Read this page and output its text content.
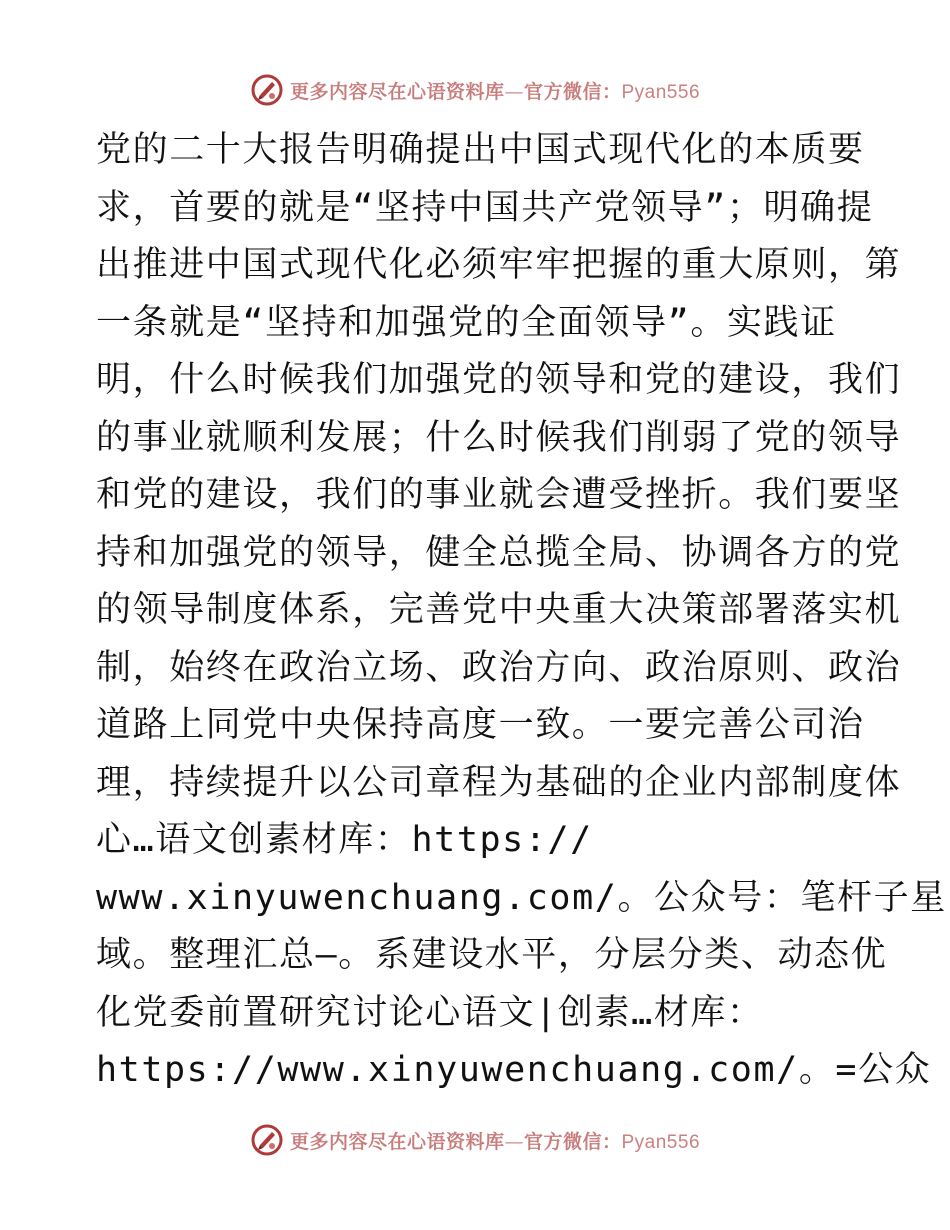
更多内容尽在心语资料库—官方微信：Pyan556
党的二十大报告明确提出中国式现代化的本质要
求，首要的就是“坚持中国共产党领导”；明确提
出推进中国式现代化必须牢牢把握的重大原则，第
一条就是“坚持和加强党的全面领导”。实践证
明，什么时候我们加强党的领导和党的建设，我们
的事业就顺利发展；什么时候我们削弱了党的领导
和党的建设，我们的事业就会遭受挫折。我们要坚
持和加强党的领导，健全总揽全局、协调各方的党
的领导制度体系，完善党中央重大决策部署落实机
制，始终在政治立场、政治方向、政治原则、政治
道路上同党中央保持高度一致。一要完善公司治
理，持续提升以公司章程为基础的企业内部制度体
心…语文创素材库：https://
www.xinyuwenchuang.com/。公众号：笔杆子星
域。整理汇总—。系建设水平，分层分类、动态优
化党委前置研究讨论心语文|创素…材库：
https://www.xinyuwenchuang.com/。=公众
更多内容尽在心语资料库—官方微信：Pyan556
